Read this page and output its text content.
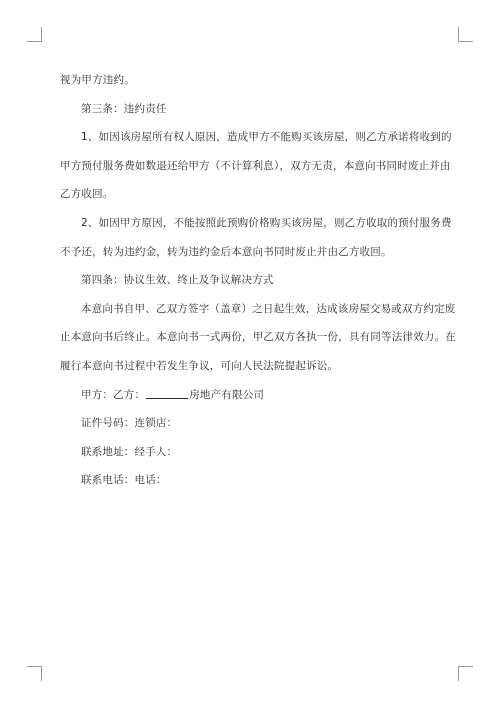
视为甲方违约。
第三条：违约责任
1、如因该房屋所有权人原因，造成甲方不能购买该房屋，则乙方承诺将收到的
甲方预付服务费如数退还给甲方（不计算利息），双方无责，本意向书同时废止并由
乙方收回。
2、如因甲方原因，不能按照此预购价格购买该房屋，则乙方收取的预付服务费
不予还，转为违约金，转为违约金后本意向书同时废止并由乙方收回。
第四条：协议生效、终止及争议解决方式
本意向书自甲、乙双方签字（盖章）之日起生效，达成该房屋交易或双方约定废
止本意向书后终止。本意向书一式两份，甲乙双方各执一份，具有同等法律效力。在
履行本意向书过程中若发生争议，可向人民法院提起诉讼。
甲方：乙方：	房地产有限公司
证件号码：连锁店：
联系地址：经手人：
联系电话：电话：
